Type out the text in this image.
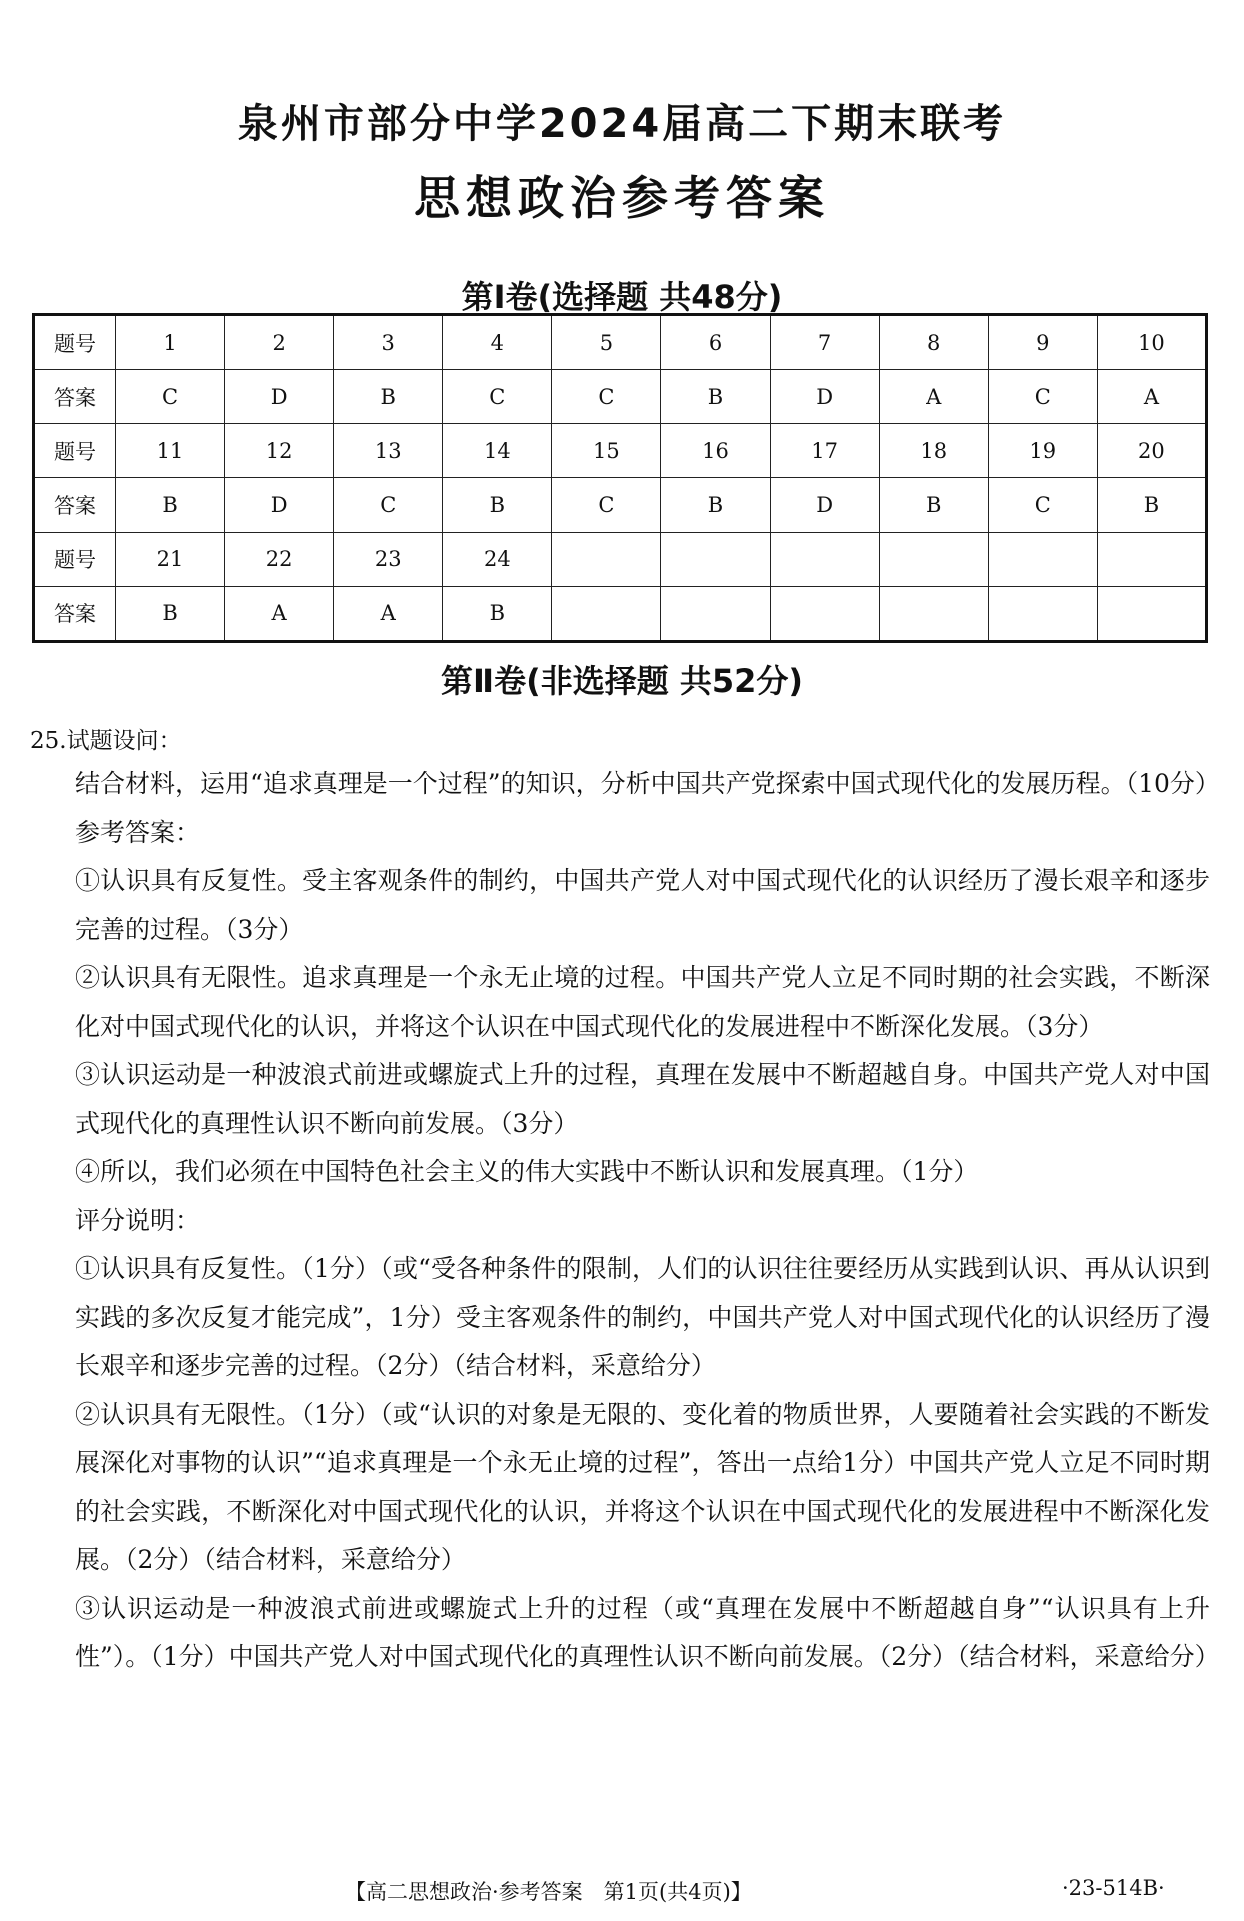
泉州市部分中学2024届高二下期末联考
思想政治参考答案
第Ⅰ卷(选择题 共48分)
题号	1	2	3	4	5	6	7	8	9	10
答案	C	D	B	C	C	B	D	A	C	A
题号	11	12	13	14	15	16	17	18	19	20
答案	B	D	C	B	C	B	D	B	C	B
题号	21	22	23	24						
答案	B	A	A	B						
第Ⅱ卷(非选择题 共52分)
25.试题设问：

结合材料，运用“追求真理是一个过程”的知识，分析中国共产党探索中国式现代化的发展历程。（10分）

参考答案：

①认识具有反复性。受主客观条件的制约，中国共产党人对中国式现代化的认识经历了漫长艰辛和逐步完善的过程。（3分）

②认识具有无限性。追求真理是一个永无止境的过程。中国共产党人立足不同时期的社会实践，不断深化对中国式现代化的认识，并将这个认识在中国式现代化的发展进程中不断深化发展。（3分）

③认识运动是一种波浪式前进或螺旋式上升的过程，真理在发展中不断超越自身。中国共产党人对中国式现代化的真理性认识不断向前发展。（3分）

④所以，我们必须在中国特色社会主义的伟大实践中不断认识和发展真理。（1分）

评分说明：

①认识具有反复性。（1分）（或“受各种条件的限制，人们的认识往往要经历从实践到认识、再从认识到实践的多次反复才能完成”，1分）受主客观条件的制约，中国共产党人对中国式现代化的认识经历了漫长艰辛和逐步完善的过程。（2分）（结合材料，采意给分）

②认识具有无限性。（1分）（或“认识的对象是无限的、变化着的物质世界，人要随着社会实践的不断发展深化对事物的认识”“追求真理是一个永无止境的过程”，答出一点给1分）中国共产党人立足不同时期的社会实践，不断深化对中国式现代化的认识，并将这个认识在中国式现代化的发展进程中不断深化发展。（2分）（结合材料，采意给分）

③认识运动是一种波浪式前进或螺旋式上升的过程（或“真理在发展中不断超越自身”“认识具有上升性”）。（1分）中国共产党人对中国式现代化的真理性认识不断向前发展。（2分）（结合材料，采意给分）

【高二思想政治·参考答案　第1页(共4页)】	·23-514B·
